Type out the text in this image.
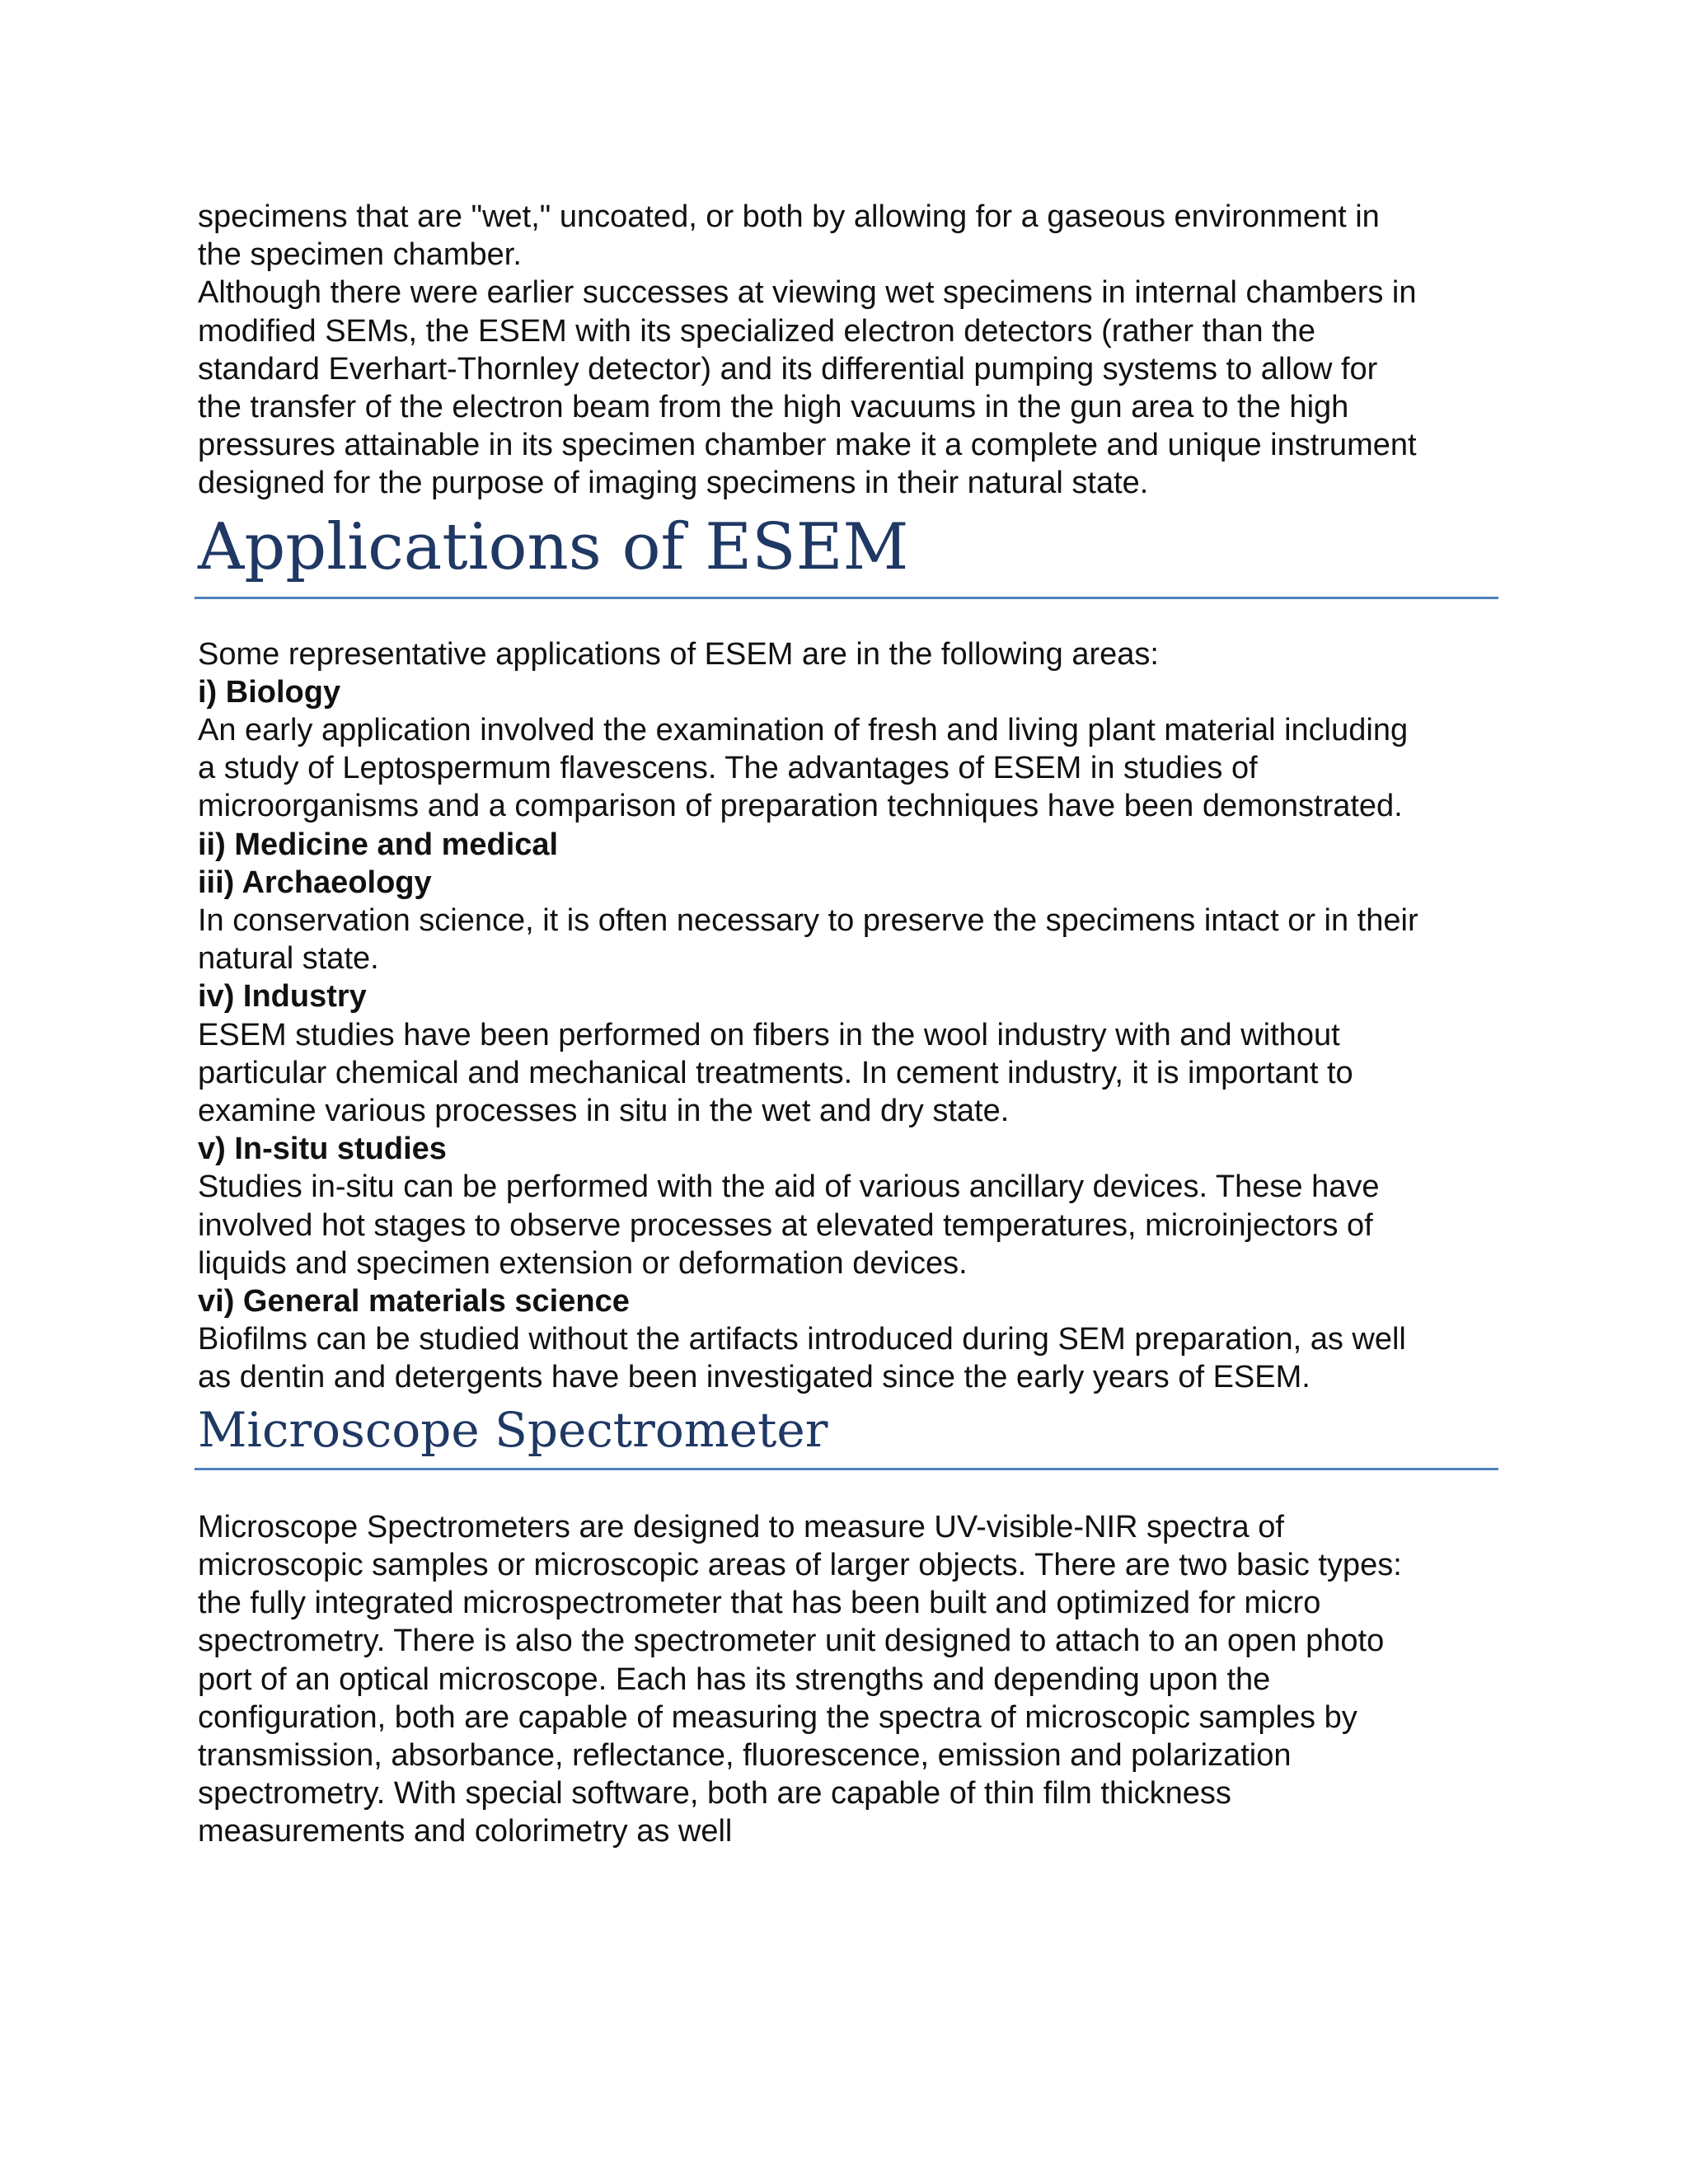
specimens that are "wet," uncoated, or both by allowing for a gaseous environment in
the specimen chamber.

Although there were earlier successes at viewing wet specimens in internal chambers in
modified SEMs, the ESEM with its specialized electron detectors (rather than the
standard Everhart-Thornley detector) and its differential pumping systems to allow for
the transfer of the electron beam from the high vacuums in the gun area to the high
pressures attainable in its specimen chamber make it a complete and unique instrument
designed for the purpose of imaging specimens in their natural state.

Applications of ESEM

Some representative applications of ESEM are in the following areas:

i) Biology

An early application involved the examination of fresh and living plant material including
a study of Leptospermum flavescens. The advantages of ESEM in studies of
microorganisms and a comparison of preparation techniques have been demonstrated.

ii) Medicine and medical

iii) Archaeology

In conservation science, it is often necessary to preserve the specimens intact or in their
natural state.

iv) Industry

ESEM studies have been performed on fibers in the wool industry with and without
particular chemical and mechanical treatments. In cement industry, it is important to
examine various processes in situ in the wet and dry state.

v) In-situ studies

Studies in-situ can be performed with the aid of various ancillary devices. These have
involved hot stages to observe processes at elevated temperatures, microinjectors of
liquids and specimen extension or deformation devices.

vi) General materials science

Biofilms can be studied without the artifacts introduced during SEM preparation, as well
as dentin and detergents have been investigated since the early years of ESEM.

Microscope Spectrometer

Microscope Spectrometers are designed to measure UV-visible-NIR spectra of
microscopic samples or microscopic areas of larger objects. There are two basic types:
the fully integrated microspectrometer that has been built and optimized for micro
spectrometry. There is also the spectrometer unit designed to attach to an open photo
port of an optical microscope. Each has its strengths and depending upon the
configuration, both are capable of measuring the spectra of microscopic samples by
transmission, absorbance, reflectance, fluorescence, emission and polarization
spectrometry. With special software, both are capable of thin film thickness
measurements and colorimetry as well
